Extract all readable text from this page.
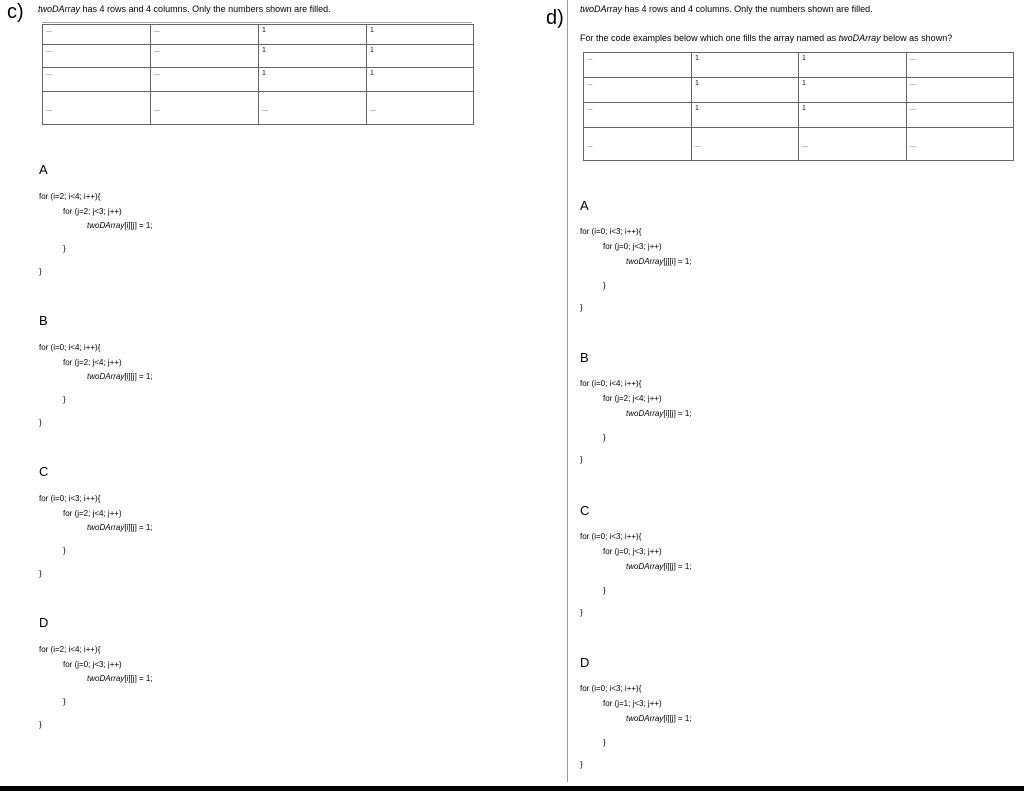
c) twoDArray has 4 rows and 4 columns. Only the numbers shown are filled.
...	...	1	1
...	...	1	1
...	...	1	1
...	...	...	...
A
for (i=2; i<4; i++){
for (j=2; j<3; j++)
twoDArray[i][j] = 1;
}
}
B
for (i=0; i<4; i++){
for (j=2; j<4; j++)
twoDArray[i][j] = 1;
}
}
C
for (i=0; i<3; i++){
for (j=2; j<4; j++)
twoDArray[i][j] = 1;
}
}
D
for (i=2; i<4; i++){
for (j=0; j<3; j++)
twoDArray[i][j] = 1;
}
}
d) twoDArray has 4 rows and 4 columns. Only the numbers shown are filled.
For the code examples below which one fills the array named as twoDArray below as shown?
...	1	1	...
...	1	1	...
...	1	1	...
...	...	...	...
A
for (i=0; i<3; i++){
for (j=0; j<3; j++)
twoDArray[j][i] = 1;
}
}
B
for (i=0; i<4; i++){
for (j=2; j<4; j++)
twoDArray[i][j] = 1;
}
}
C
for (i=0; i<3; i++){
for (j=0; j<3; j++)
twoDArray[i][j] = 1;
}
}
D
for (i=0; i<3; i++){
for (j=1; j<3; j++)
twoDArray[i][j] = 1;
}
}
